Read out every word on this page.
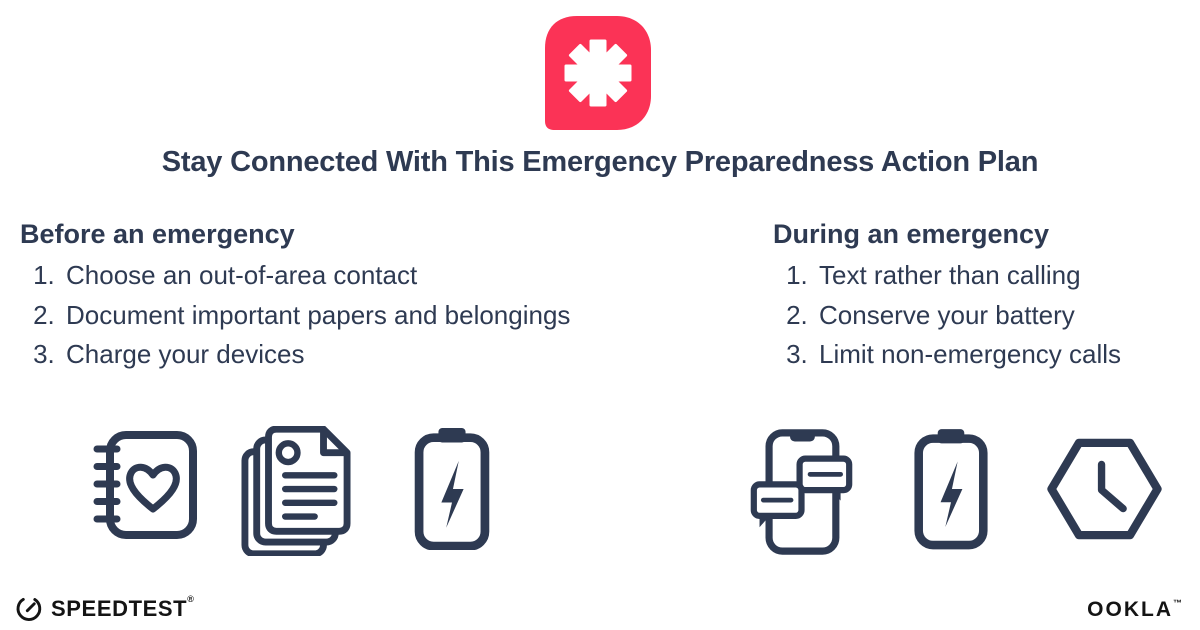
Stay Connected With This Emergency Preparedness Action Plan
Before an emergency
1. Choose an out-of-area contact
2. Document important papers and belongings
3. Charge your devices
During an emergency
1. Text rather than calling
2. Conserve your battery
3. Limit non-emergency calls
SPEEDTEST®	OOKLA™
